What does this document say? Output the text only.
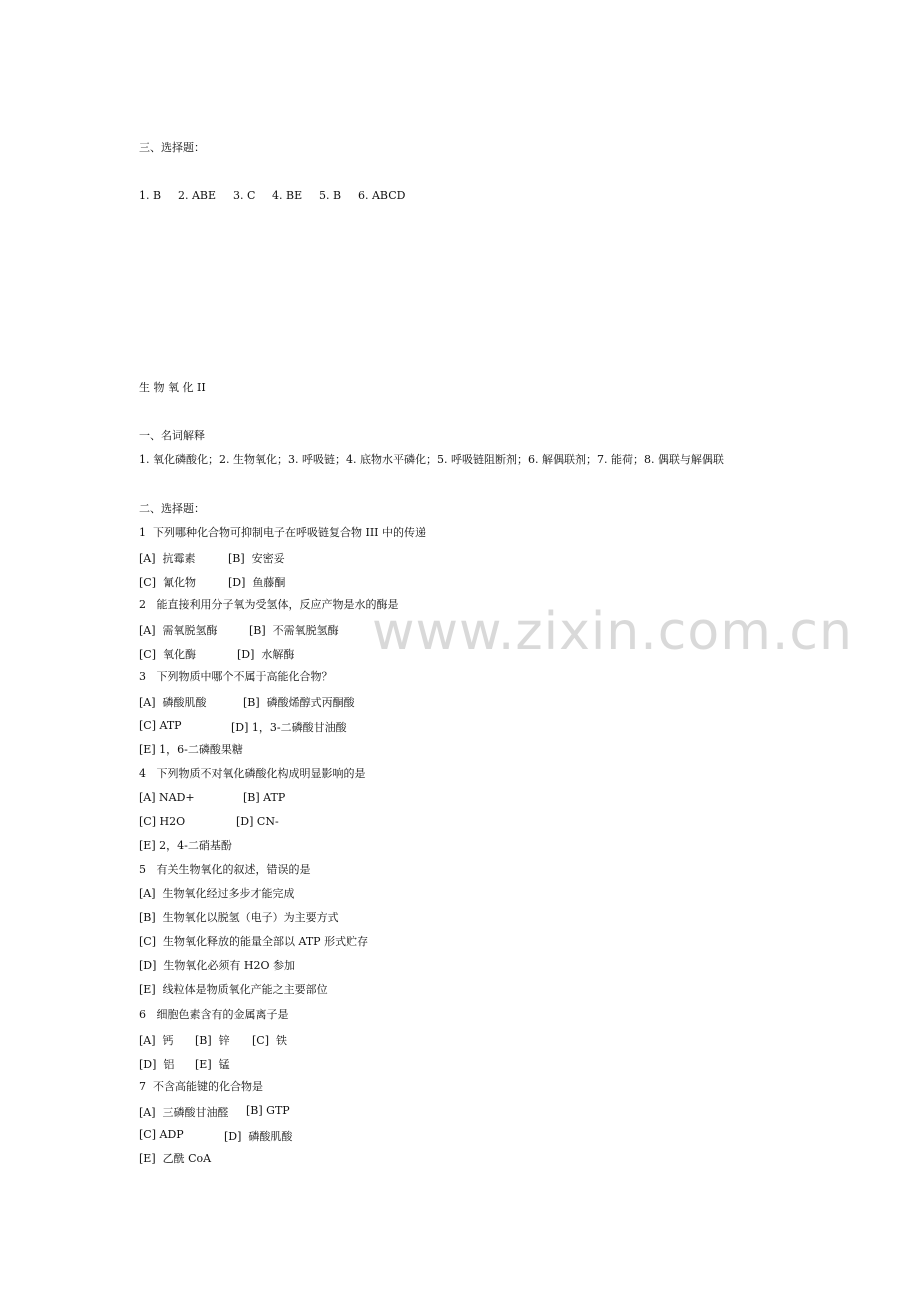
www.zixin.com.cn
三、选择题：
1. B 2. ABE 3. C 4. BE 5. B 6. ABCD
生 物 氧 化 II
一、名词解释
1. 氧化磷酸化；2. 生物氧化；3. 呼吸链；4. 底物水平磷化；5. 呼吸链阻断剂；6. 解偶联剂；7. 能荷；8. 偶联与解偶联
二、选择题：
1  下列哪种化合物可抑制电子在呼吸链复合物 III 中的传递
[A]  抗霉素	[B]  安密妥
[C]  氰化物	[D]  鱼藤酮
2   能直接利用分子氧为受氢体，反应产物是水的酶是
[A]  需氧脱氢酶	[B]  不需氧脱氢酶
[C]  氧化酶	[D]  水解酶
3   下列物质中哪个不属于高能化合物？
[A]  磷酸肌酸	[B]  磷酸烯醇式丙酮酸
[C] ATP	[D] 1，3-二磷酸甘油酸
[E] 1，6-二磷酸果糖
4   下列物质不对氧化磷酸化构成明显影响的是
[A] NAD+	[B] ATP
[C] H2O	[D] CN-
[E] 2，4-二硝基酚
5   有关生物氧化的叙述，错误的是
[A]  生物氧化经过多步才能完成
[B]  生物氧化以脱氢（电子）为主要方式
[C]  生物氧化释放的能量全部以 ATP 形式贮存
[D]  生物氧化必须有 H2O 参加
[E]  线粒体是物质氧化产能之主要部位
6   细胞色素含有的金属离子是
[A]  钙 [B]  锌 [C]  铁
[D]  铝 [E]  锰
7  不含高能键的化合物是
[A]  三磷酸甘油醛 [B] GTP
[C] ADP	[D]  磷酸肌酸
[E]  乙酰 CoA
